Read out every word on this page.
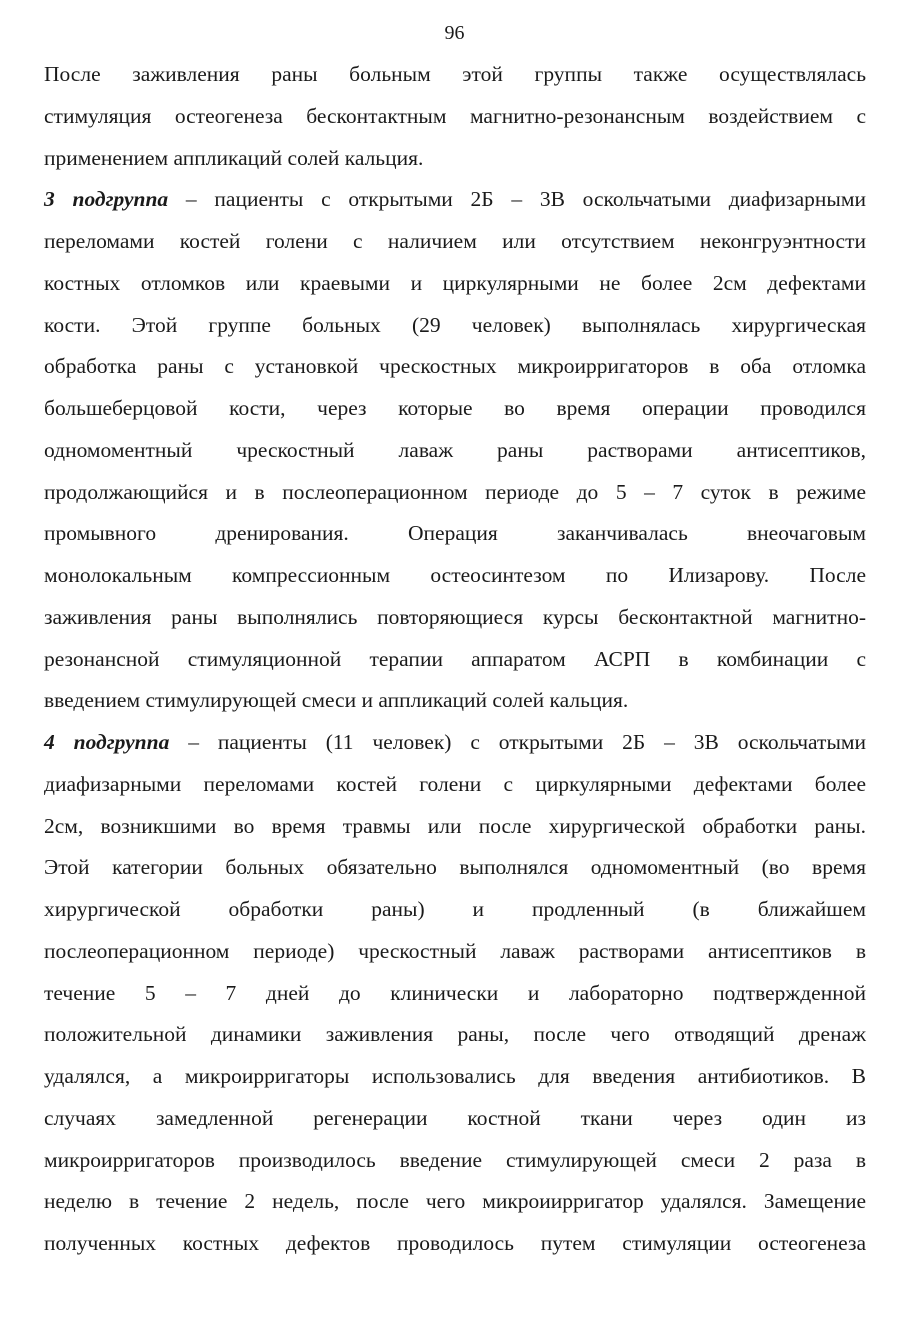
96
После заживления раны больным этой группы также осуществлялась
стимуляция остеогенеза бесконтактным магнитно-резонансным воздействием с
применением аппликаций солей кальция.
3 подгруппа – пациенты с открытыми 2Б – 3В оскольчатыми диафизарными
переломами костей голени с наличием или отсутствием неконгруэнтности
костных отломков или краевыми и циркулярными не более 2см дефектами
кости. Этой группе больных (29 человек) выполнялась хирургическая
обработка раны с установкой чрескостных микроирригаторов в оба отломка
большеберцовой кости, через которые во время операции проводился
одномоментный чрескостный лаваж раны растворами антисептиков,
продолжающийся и в послеоперационном периоде до 5 – 7 суток в режиме
промывного дренирования. Операция заканчивалась внеочаговым
монолокальным компрессионным остеосинтезом по Илизарову. После
заживления раны выполнялись повторяющиеся курсы бесконтактной магнитно-
резонансной стимуляционной терапии аппаратом АСРП в комбинации с
введением стимулирующей смеси и аппликаций солей кальция.
4 подгруппа – пациенты (11 человек) с открытыми 2Б – 3В оскольчатыми
диафизарными переломами костей голени с циркулярными дефектами более
2см, возникшими во время травмы или после хирургической обработки раны.
Этой категории больных обязательно выполнялся одномоментный (во время
хирургической обработки раны) и продленный (в ближайшем
послеоперационном периоде) чрескостный лаваж растворами антисептиков в
течение 5 – 7 дней до клинически и лабораторно подтвержденной
положительной динамики заживления раны, после чего отводящий дренаж
удалялся, а микроирригаторы использовались для введения антибиотиков. В
случаях замедленной регенерации костной ткани через один из
микроирригаторов производилось введение стимулирующей смеси 2 раза в
неделю в течение 2 недель, после чего микроиирригатор удалялся. Замещение
полученных костных дефектов проводилось путем стимуляции остеогенеза
